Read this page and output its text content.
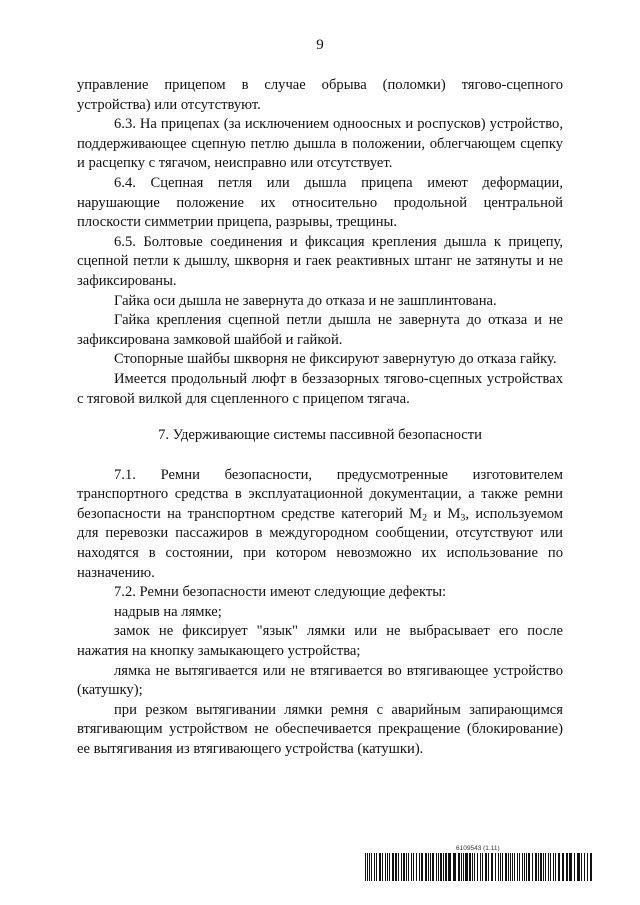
9

управление прицепом в случае обрыва (поломки) тягово-сцепного устройства) или отсутствуют.

6.3. На прицепах (за исключением одноосных и роспусков) устройство, поддерживающее сцепную петлю дышла в положении, облегчающем сцепку и расцепку с тягачом, неисправно или отсутствует.

6.4. Сцепная петля или дышла прицепа имеют деформации, нарушающие положение их относительно продольной центральной плоскости симметрии прицепа, разрывы, трещины.

6.5. Болтовые соединения и фиксация крепления дышла к прицепу, сцепной петли к дышлу, шкворня и гаек реактивных штанг не затянуты и не зафиксированы.

Гайка оси дышла не завернута до отказа и не зашплинтована.

Гайка крепления сцепной петли дышла не завернута до отказа и не зафиксирована замковой шайбой и гайкой.

Стопорные шайбы шкворня не фиксируют завернутую до отказа гайку.

Имеется продольный люфт в беззазорных тягово-сцепных устройствах с тяговой вилкой для сцепленного с прицепом тягача.

7. Удерживающие системы пассивной безопасности

7.1. Ремни безопасности, предусмотренные изготовителем транспортного средства в эксплуатационной документации, а также ремни безопасности на транспортном средстве категорий $М_2$ и $М_3$, используемом для перевозки пассажиров в междугородном сообщении, отсутствуют или находятся в состоянии, при котором невозможно их использование по назначению.

7.2. Ремни безопасности имеют следующие дефекты:

надрыв на лямке;

замок не фиксирует "язык" лямки или не выбрасывает его после нажатия на кнопку замыкающего устройства;

лямка не вытягивается или не втягивается во втягивающее устройство (катушку);

при резком вытягивании лямки ремня с аварийным запирающимся втягивающим устройством не обеспечивается прекращение (блокирование) ее вытягивания из втягивающего устройства (катушки).

6109543 (1.11)
